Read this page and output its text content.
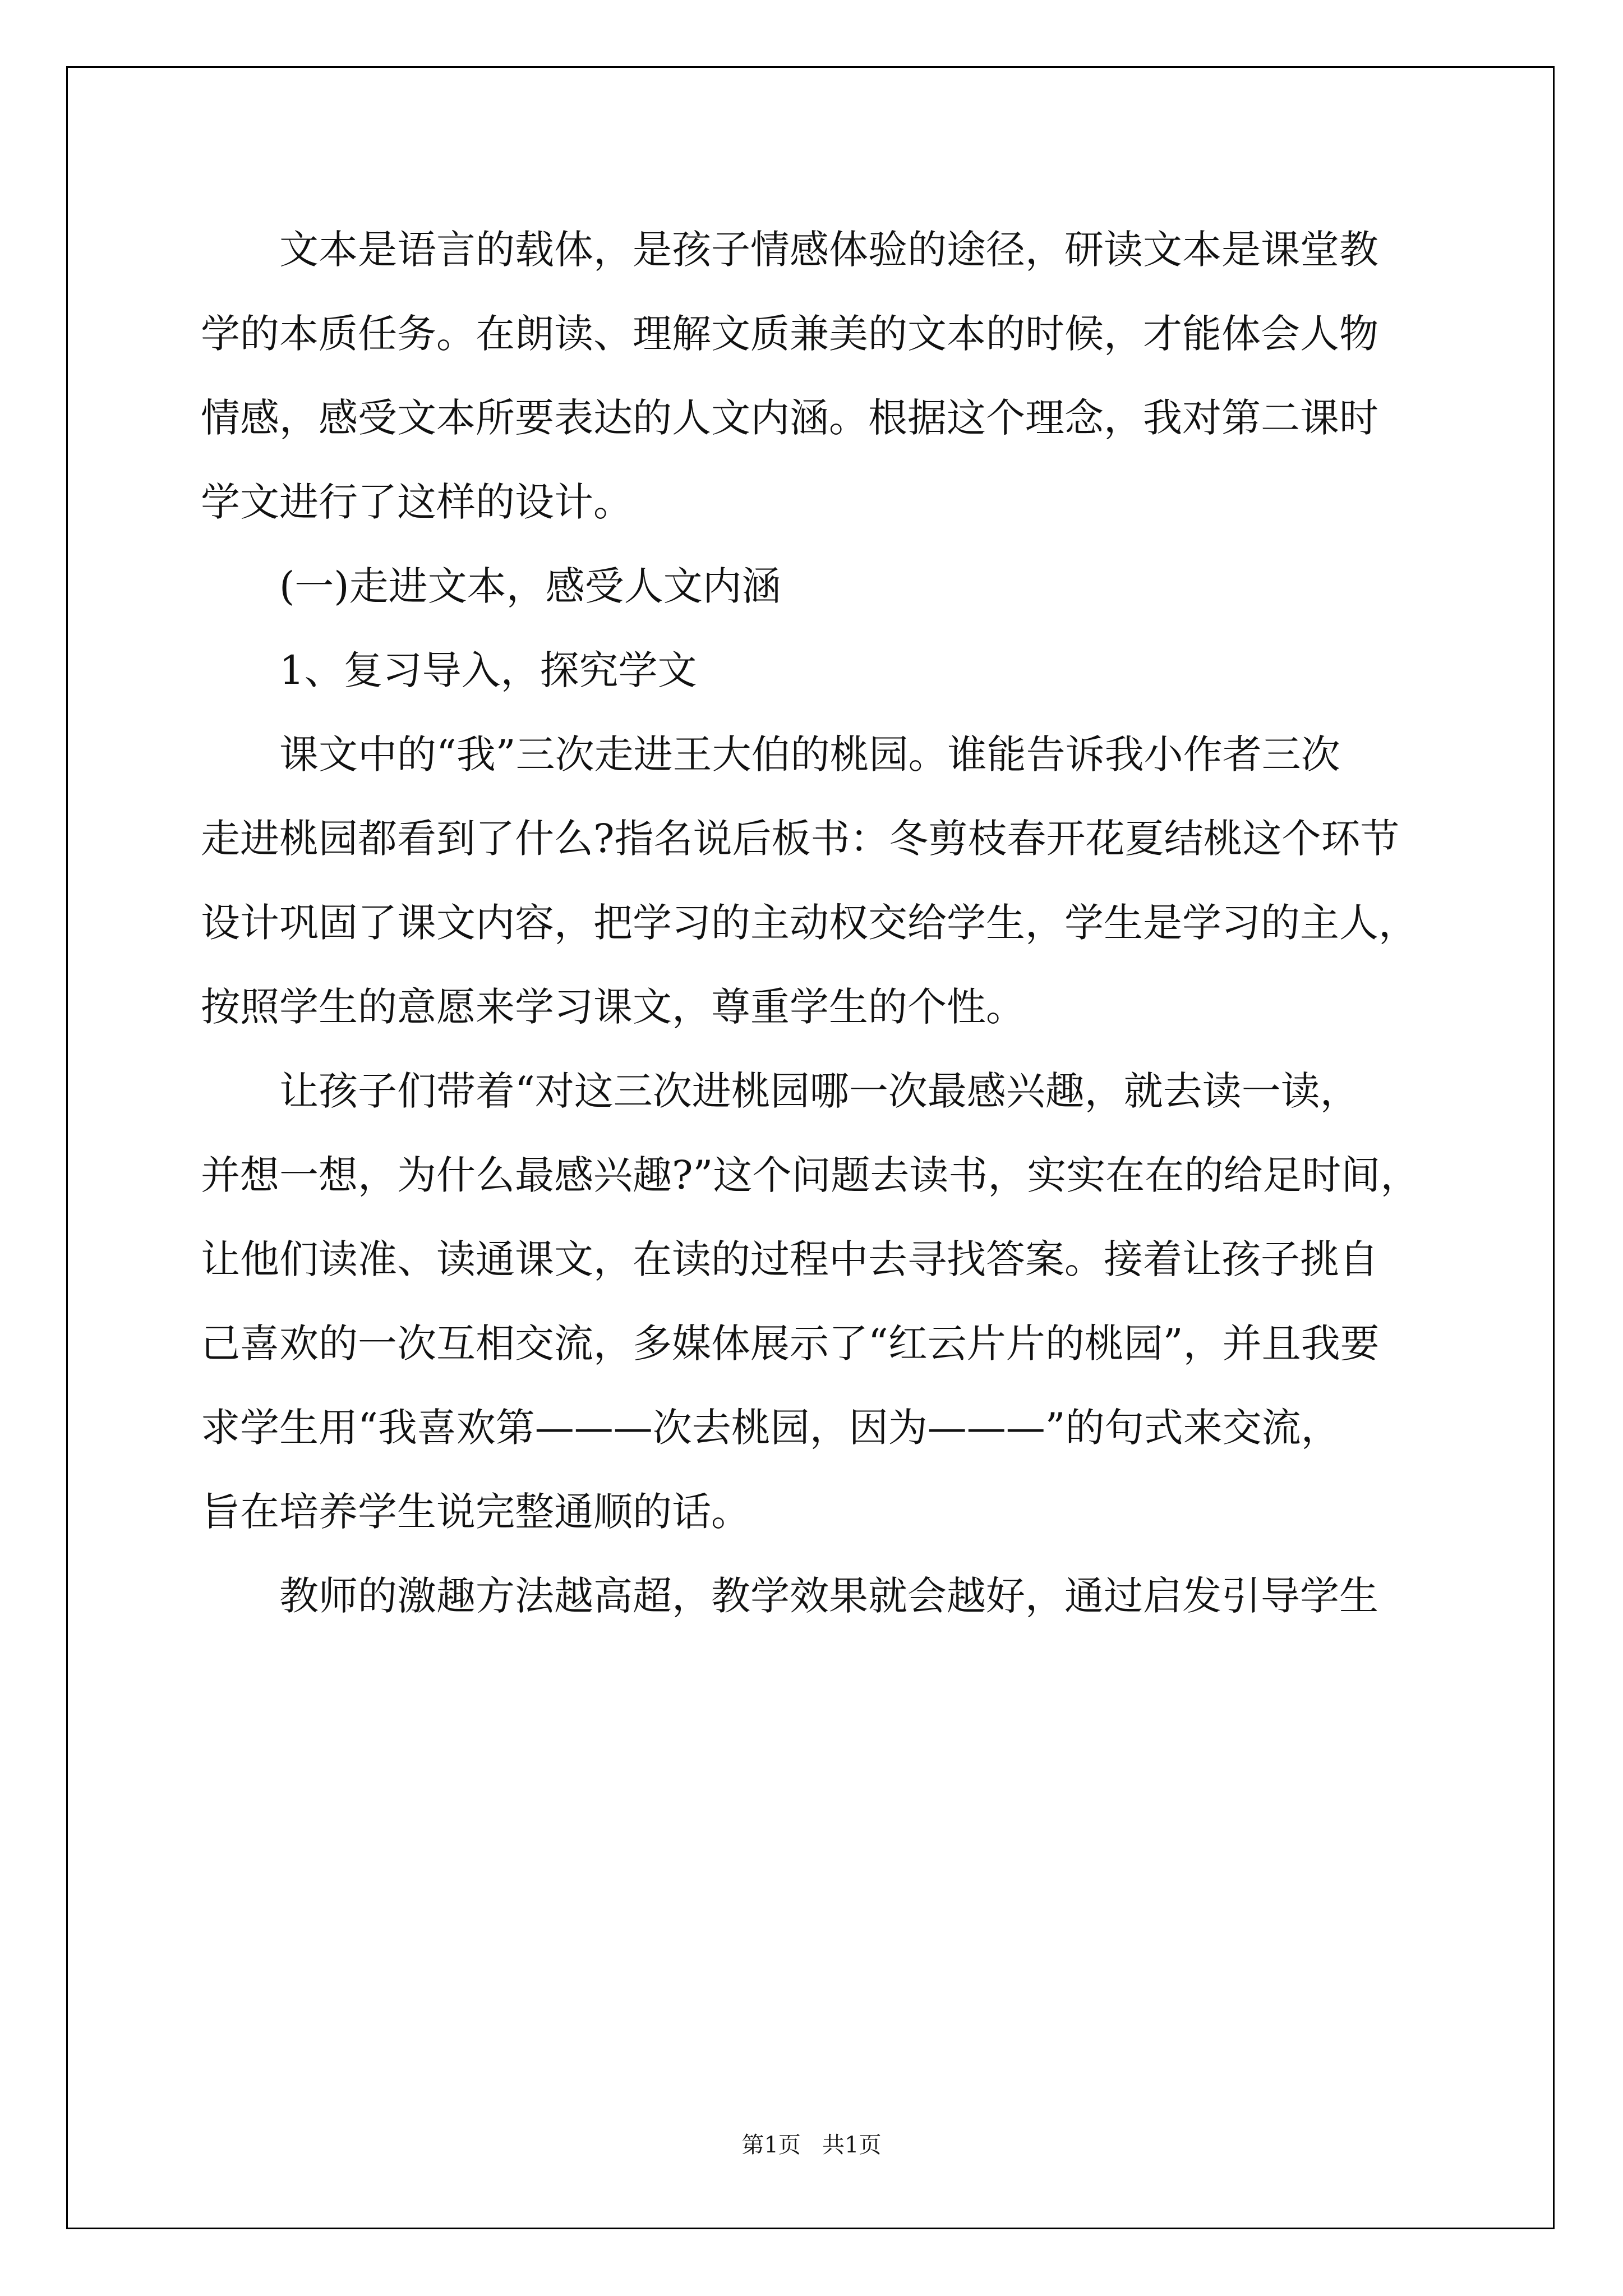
文本是语言的载体，是孩子情感体验的途径，研读文本是课堂教
学的本质任务。在朗读、理解文质兼美的文本的时候，才能体会人物
情感，感受文本所要表达的人文内涵。根据这个理念，我对第二课时
学文进行了这样的设计。
(一)走进文本，感受人文内涵
1、复习导入，探究学文
课文中的“我”三次走进王大伯的桃园。谁能告诉我小作者三次
走进桃园都看到了什么?指名说后板书：冬剪枝春开花夏结桃这个环节
设计巩固了课文内容，把学习的主动权交给学生，学生是学习的主人，
按照学生的意愿来学习课文，尊重学生的个性。
让孩子们带着“对这三次进桃园哪一次最感兴趣，就去读一读，
并想一想，为什么最感兴趣?”这个问题去读书，实实在在的给足时间，
让他们读准、读通课文，在读的过程中去寻找答案。接着让孩子挑自
己喜欢的一次互相交流，多媒体展示了“红云片片的桃园”，并且我要
求学生用“我喜欢第———次去桃园，因为———”的句式来交流，
旨在培养学生说完整通顺的话。
教师的激趣方法越高超，教学效果就会越好，通过启发引导学生
第1页   共1页
